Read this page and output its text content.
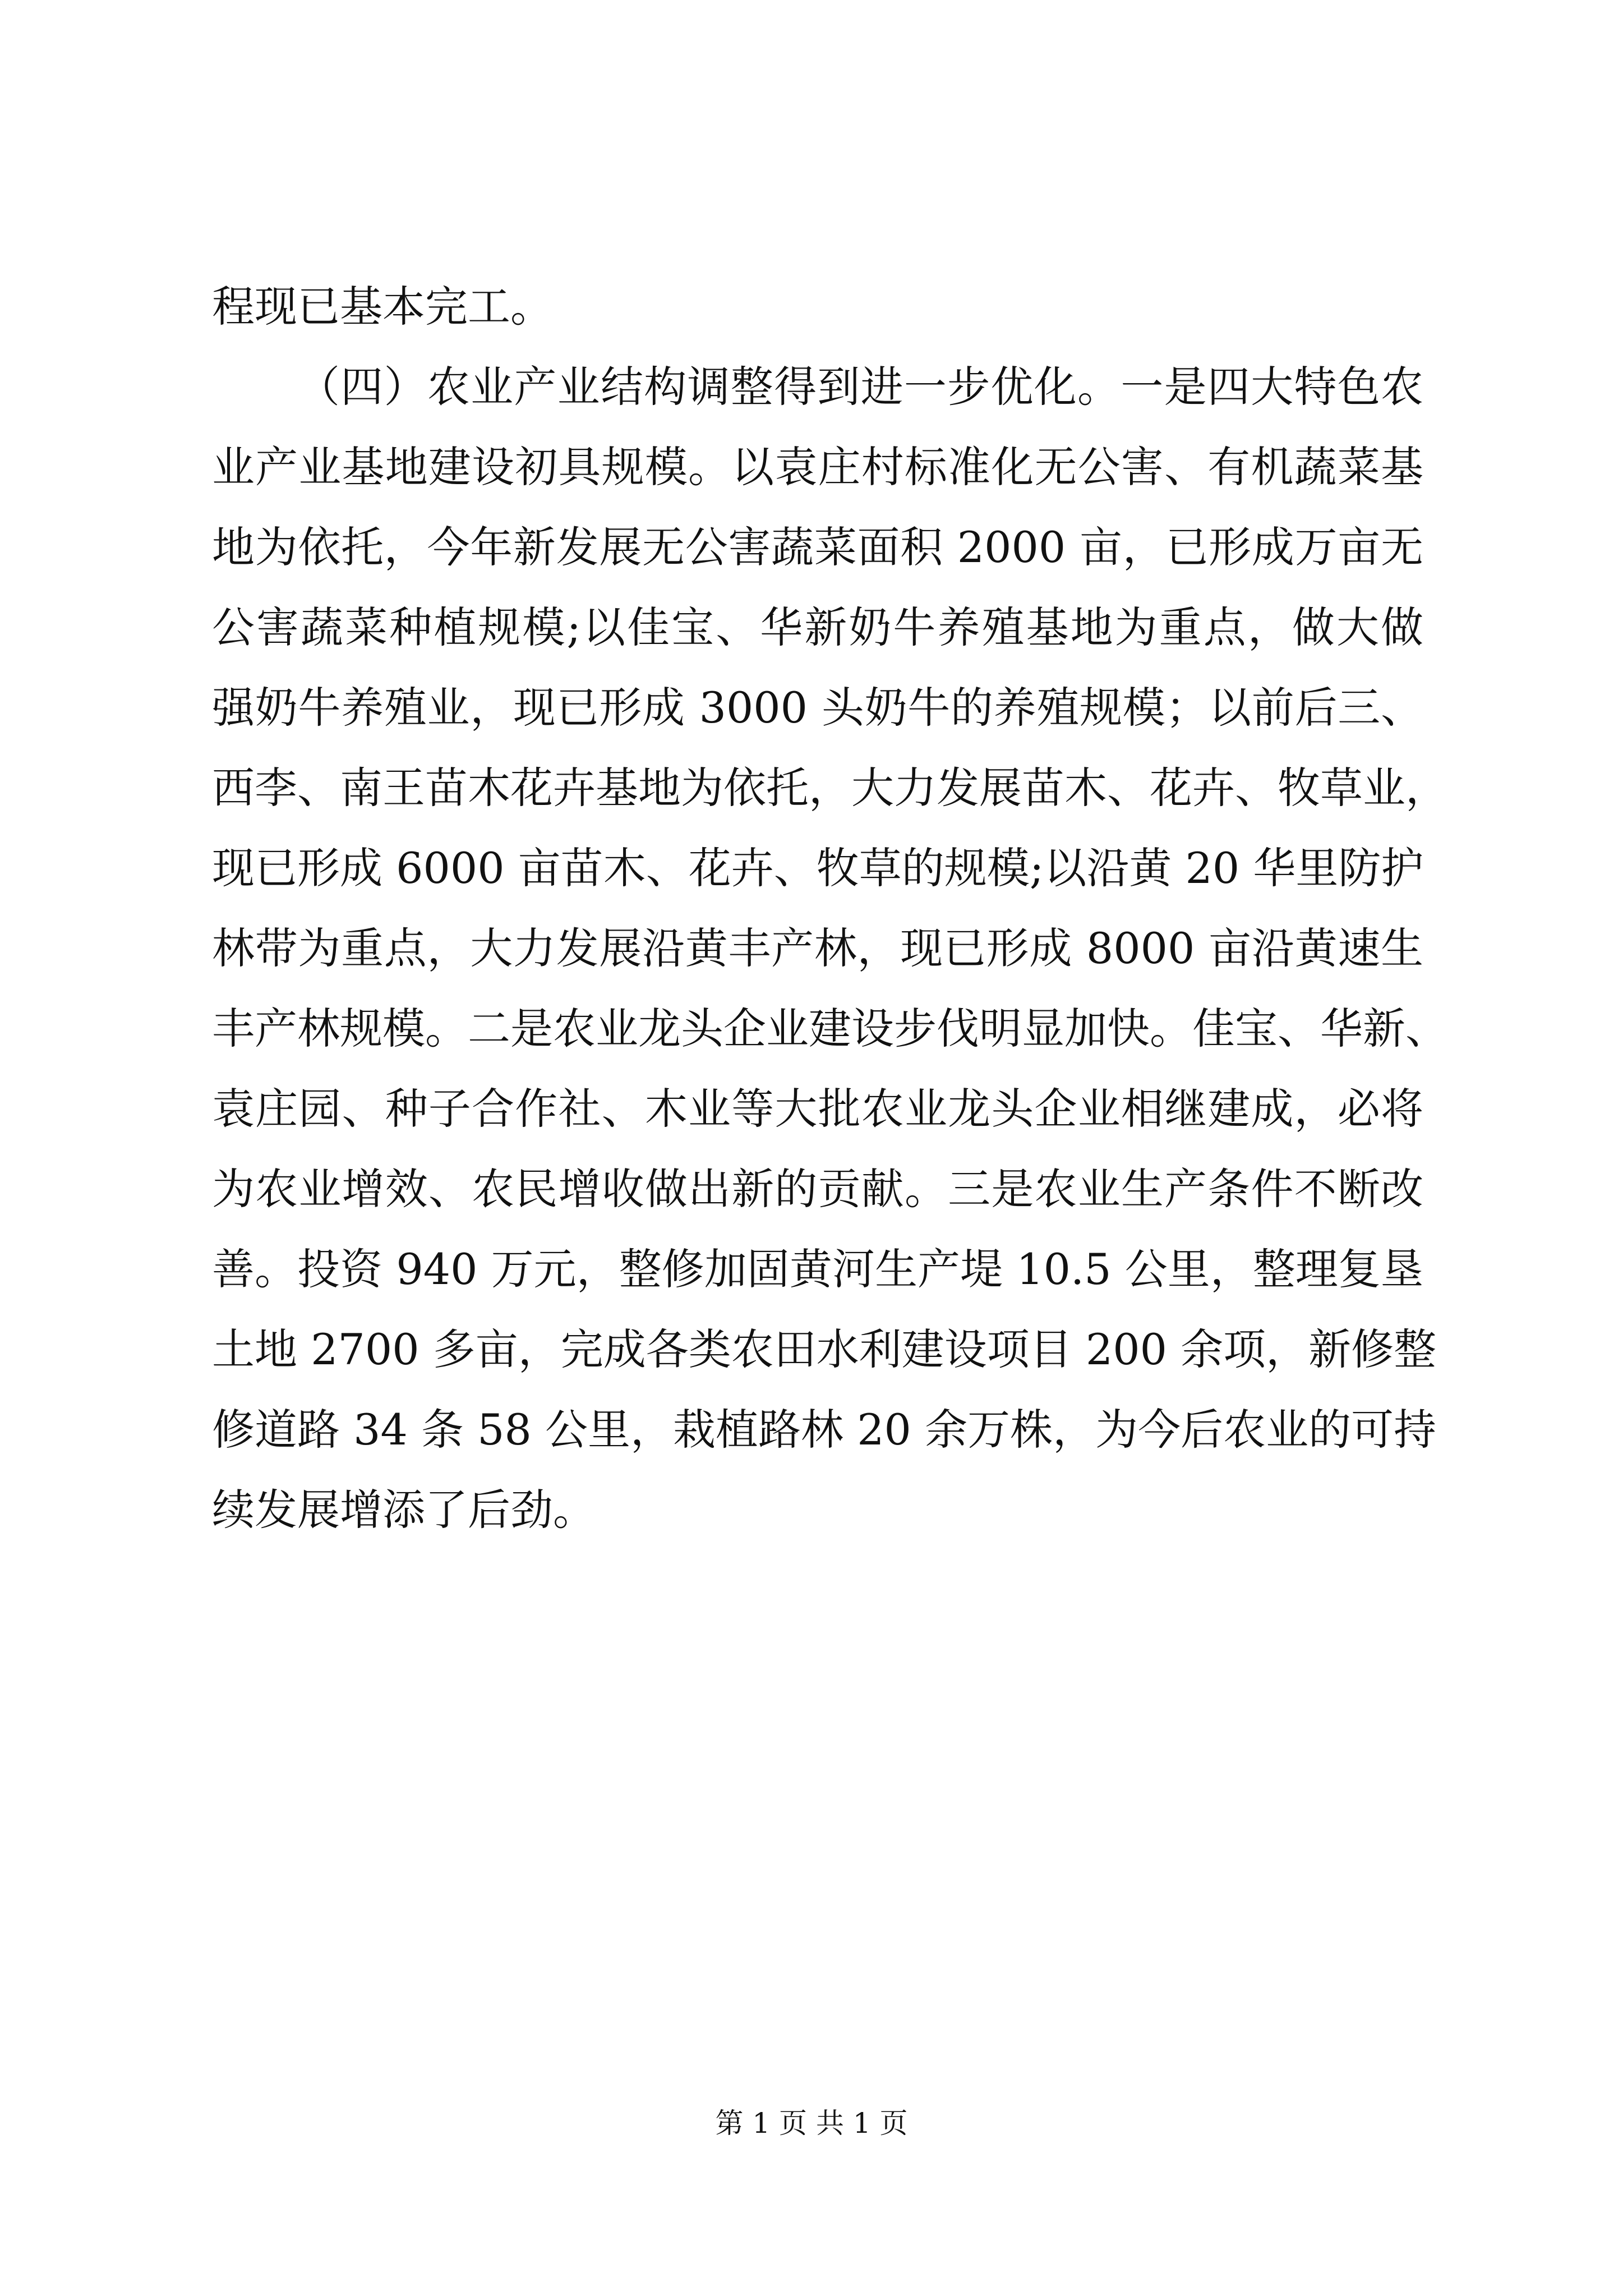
程现已基本完工。
（四）农业产业结构调整得到进一步优化。一是四大特色农
业产业基地建设初具规模。以袁庄村标准化无公害、有机蔬菜基
地为依托，今年新发展无公害蔬菜面积 2000 亩，已形成万亩无
公害蔬菜种植规模;以佳宝、华新奶牛养殖基地为重点，做大做
强奶牛养殖业，现已形成 3000 头奶牛的养殖规模；以前后三、
西李、南王苗木花卉基地为依托，大力发展苗木、花卉、牧草业，
现已形成 6000 亩苗木、花卉、牧草的规模;以沿黄 20 华里防护
林带为重点，大力发展沿黄丰产林，现已形成 8000 亩沿黄速生
丰产林规模。二是农业龙头企业建设步伐明显加快。佳宝、华新、
袁庄园、种子合作社、木业等大批农业龙头企业相继建成，必将
为农业增效、农民增收做出新的贡献。三是农业生产条件不断改
善。投资 940 万元，整修加固黄河生产堤 10.5 公里，整理复垦
土地 2700 多亩，完成各类农田水利建设项目 200 余项，新修整
修道路 34 条 58 公里，栽植路林 20 余万株，为今后农业的可持
续发展增添了后劲。
第 1 页 共 1 页
